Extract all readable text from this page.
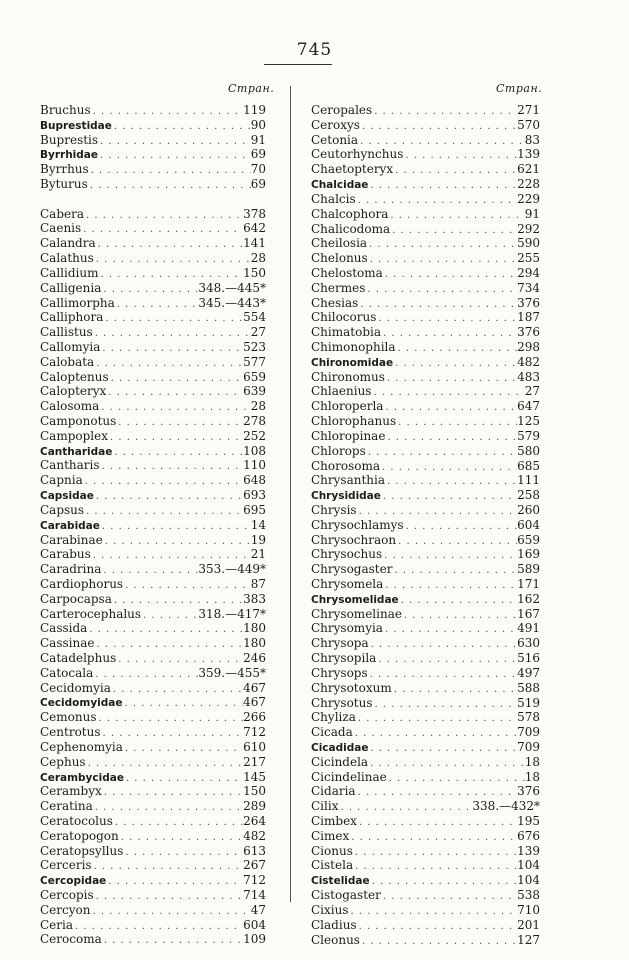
745
Стран.	Стран.
Bruchus . . .	119
Buprestidae . . .	90
Buprestis . . .	91
Byrrhidae . . .	69
Byrrhus . . .	70
Byturus . . .	69
Cabera . . .	378
Caenis . . .	642
Calandra . . .	141
Calathus . . .	28
Callidium . . .	150
Calligenia . . .	348.—445*
Callimorpha . . .	345.—443*
Calliphora . . .	554
Callistus . . .	27
Callomyia . . .	523
Calobata . . .	577
Caloptenus . . .	659
Calopteryx . . .	639
Calosoma . . .	28
Camponotus . . .	278
Campoplex . . .	252
Cantharidae . . .	108
Cantharis . . .	110
Capnia . . .	648
Capsidae . . .	693
Capsus . . .	695
Carabidae . . .	14
Carabinae . . .	19
Carabus . . .	21
Caradrina . . .	353.—449*
Cardiophorus . . .	87
Carpocapsa . . .	383
Carterocephalus . . .	318.—417*
Cassida . . .	180
Cassinae . . .	180
Catadelphus . . .	246
Catocala . . .	359.—455*
Cecidomyia . . .	467
Cecidomyidae . . .	467
Cemonus . . .	266
Centrotus . . .	712
Cephenomyia . . .	610
Cephus . . .	217
Cerambycidae . . .	145
Cerambyx . . .	150
Ceratina . . .	289
Ceratocolus . . .	264
Ceratopogon . . .	482
Ceratopsyllus . . .	613
Cerceris . . .	267
Cercopidae . . .	712
Cercopis . . .	714
Cercyon . . .	47
Ceria . . .	604
Cerocoma . . .	109
Ceropales . . .	271
Ceroxys . . .	570
Cetonia . . .	83
Ceutorhynchus . . .	139
Chaetopteryx . . .	621
Chalcidae . . .	228
Chalcis . . .	229
Chalcophora . . .	91
Chalicodoma . . .	292
Cheilosia . . .	590
Chelonus . . .	255
Chelostoma . . .	294
Chermes . . .	734
Chesias . . .	376
Chilocorus . . .	187
Chimatobia . . .	376
Chimonophila . . .	298
Chironomidae . . .	482
Chironomus . . .	483
Chlaenius . . .	27
Chloroperla . . .	647
Chlorophanus . . .	125
Chloropinae . . .	579
Chlorops . . .	580
Chorosoma . . .	685
Chrysanthia . . .	111
Chrysididae . . .	258
Chrysis . . .	260
Chrysochlamys . . .	604
Chrysochraon . . .	659
Chrysochus . . .	169
Chrysogaster . . .	589
Chrysomela . . .	171
Chrysomelidae . . .	162
Chrysomelinae . . .	167
Chrysomyia . . .	491
Chrysopa . . .	630
Chrysopila . . .	516
Chrysops . . .	497
Chrysotoxum . . .	588
Chrysotus . . .	519
Chyliza . . .	578
Cicada . . .	709
Cicadidae . . .	709
Cicindela . . .	18
Cicindelinae . . .	18
Cidaria . . .	376
Cilix . . .	338.—432*
Cimbex . . .	195
Cimex . . .	676
Cionus . . .	139
Cistela . . .	104
Cistelidae . . .	104
Cistogaster . . .	538
Cixius . . .	710
Cladius . . .	201
Cleonus . . .	127
